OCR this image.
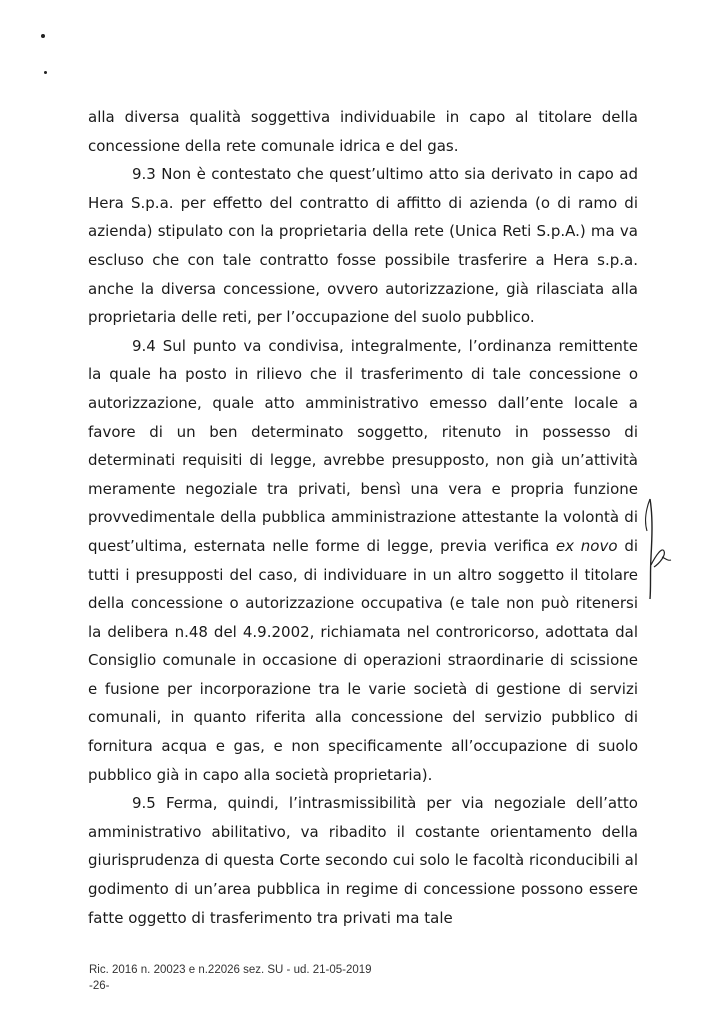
alla diversa qualità soggettiva individuabile in capo al titolare della concessione della rete comunale idrica e del gas.

9.3 Non è contestato che quest’ultimo atto sia derivato in capo ad Hera S.p.a. per effetto del contratto di affitto di azienda (o di ramo di azienda) stipulato con la proprietaria della rete (Unica Reti S.p.A.) ma va escluso che con tale contratto fosse possibile trasferire a Hera s.p.a. anche la diversa concessione, ovvero autorizzazione, già rilasciata alla proprietaria delle reti, per l’occupazione del suolo pubblico.

9.4 Sul punto va condivisa, integralmente, l’ordinanza remittente la quale ha posto in rilievo che il trasferimento di tale concessione o autorizzazione, quale atto amministrativo emesso dall’ente locale a favore di un ben determinato soggetto, ritenuto in possesso di determinati requisiti di legge, avrebbe presupposto, non già un’attività meramente negoziale tra privati, bensì una vera e propria funzione provvedimentale della pubblica amministrazione attestante la volontà di quest’ultima, esternata nelle forme di legge, previa verifica ex novo di tutti i presupposti del caso, di individuare in un altro soggetto il titolare della concessione o autorizzazione occupativa (e tale non può ritenersi la delibera n.48 del 4.9.2002, richiamata nel controricorso, adottata dal Consiglio comunale in occasione di operazioni straordinarie di scissione e fusione per incorporazione tra le varie società di gestione di servizi comunali, in quanto riferita alla concessione del servizio pubblico di fornitura acqua e gas, e non specificamente all’occupazione di suolo pubblico già in capo alla società proprietaria).

9.5 Ferma, quindi, l’intrasmissibilità per via negoziale dell’atto amministrativo abilitativo, va ribadito il costante orientamento della giurisprudenza di questa Corte secondo cui solo le facoltà riconducibili al godimento di un’area pubblica in regime di concessione possono essere fatte oggetto di trasferimento tra privati ma tale

Ric. 2016 n. 20023 e n.22026 sez. SU - ud. 21-05-2019
-26-
